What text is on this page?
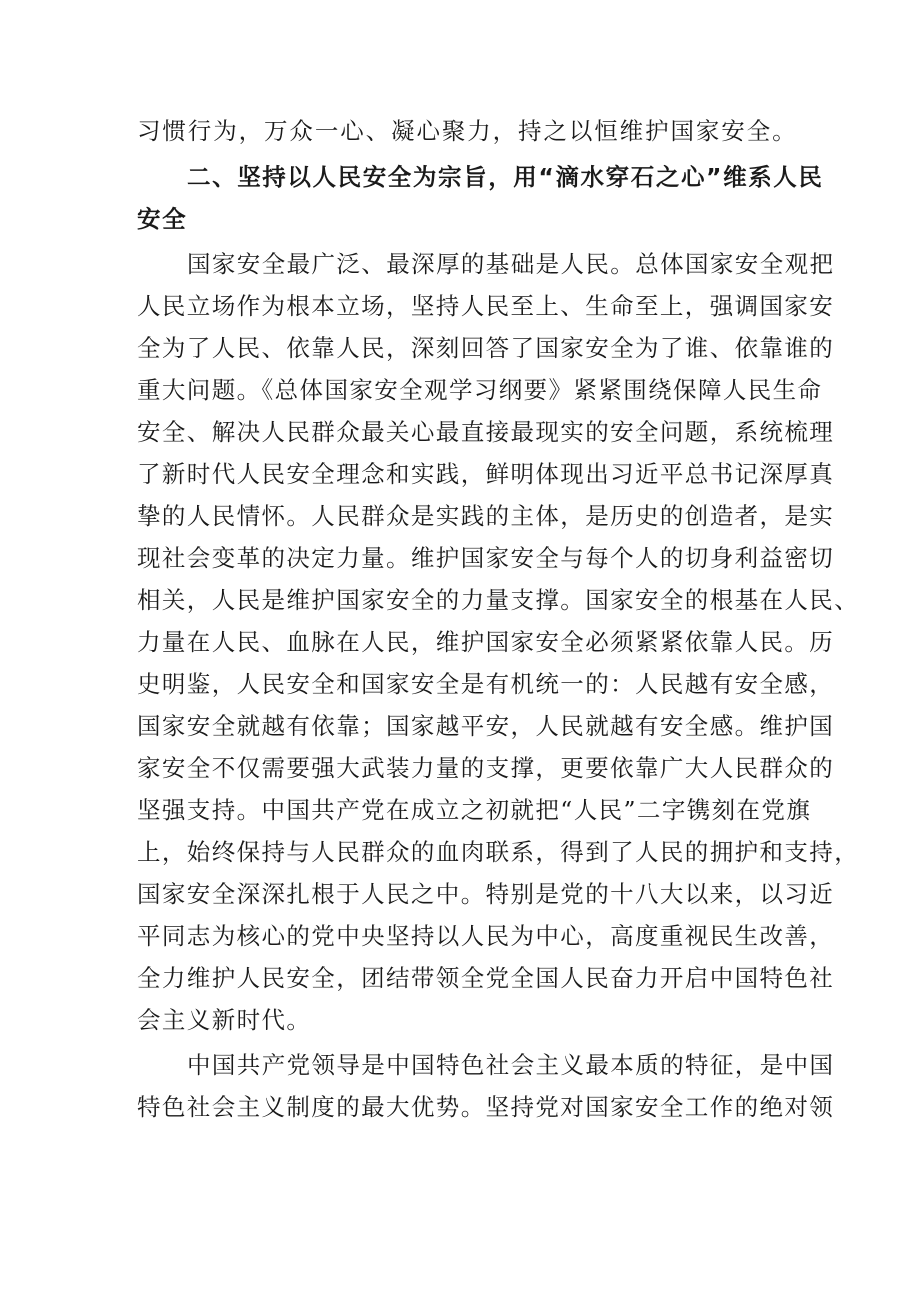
习惯行为，万众一心、凝心聚力，持之以恒维护国家安全。
二、坚持以人民安全为宗旨，用“滴水穿石之心”维系人民
安全
国家安全最广泛、最深厚的基础是人民。总体国家安全观把
人民立场作为根本立场，坚持人民至上、生命至上，强调国家安
全为了人民、依靠人民，深刻回答了国家安全为了谁、依靠谁的
重大问题。《总体国家安全观学习纲要》紧紧围绕保障人民生命
安全、解决人民群众最关心最直接最现实的安全问题，系统梳理
了新时代人民安全理念和实践，鲜明体现出习近平总书记深厚真
挚的人民情怀。人民群众是实践的主体，是历史的创造者，是实
现社会变革的决定力量。维护国家安全与每个人的切身利益密切
相关，人民是维护国家安全的力量支撑。国家安全的根基在人民、
力量在人民、血脉在人民，维护国家安全必须紧紧依靠人民。历
史明鉴，人民安全和国家安全是有机统一的：人民越有安全感，
国家安全就越有依靠；国家越平安，人民就越有安全感。维护国
家安全不仅需要强大武装力量的支撑，更要依靠广大人民群众的
坚强支持。中国共产党在成立之初就把“人民”二字镌刻在党旗
上，始终保持与人民群众的血肉联系，得到了人民的拥护和支持，
国家安全深深扎根于人民之中。特别是党的十八大以来，以习近
平同志为核心的党中央坚持以人民为中心，高度重视民生改善，
全力维护人民安全，团结带领全党全国人民奋力开启中国特色社
会主义新时代。
中国共产党领导是中国特色社会主义最本质的特征，是中国
特色社会主义制度的最大优势。坚持党对国家安全工作的绝对领
